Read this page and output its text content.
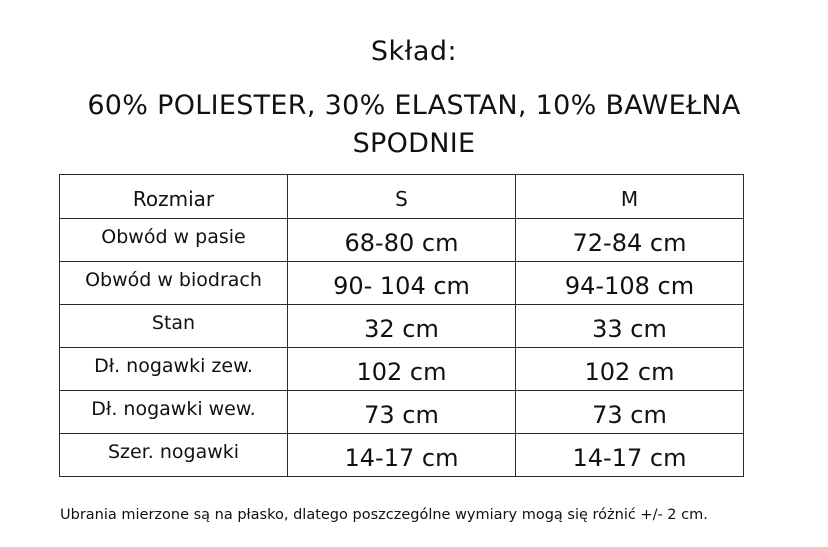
Skład:
60% POLIESTER, 30% ELASTAN, 10% BAWEŁNA
SPODNIE
Rozmiar	S	M
Obwód w pasie	68-80 cm	72-84 cm
Obwód w biodrach	90- 104 cm	94-108 cm
Stan	32 cm	33 cm
Dł. nogawki zew.	102 cm	102 cm
Dł. nogawki wew.	73 cm	73 cm
Szer. nogawki	14-17 cm	14-17 cm
Ubrania mierzone są na płasko, dlatego poszczególne wymiary mogą się różnić +/- 2 cm.
